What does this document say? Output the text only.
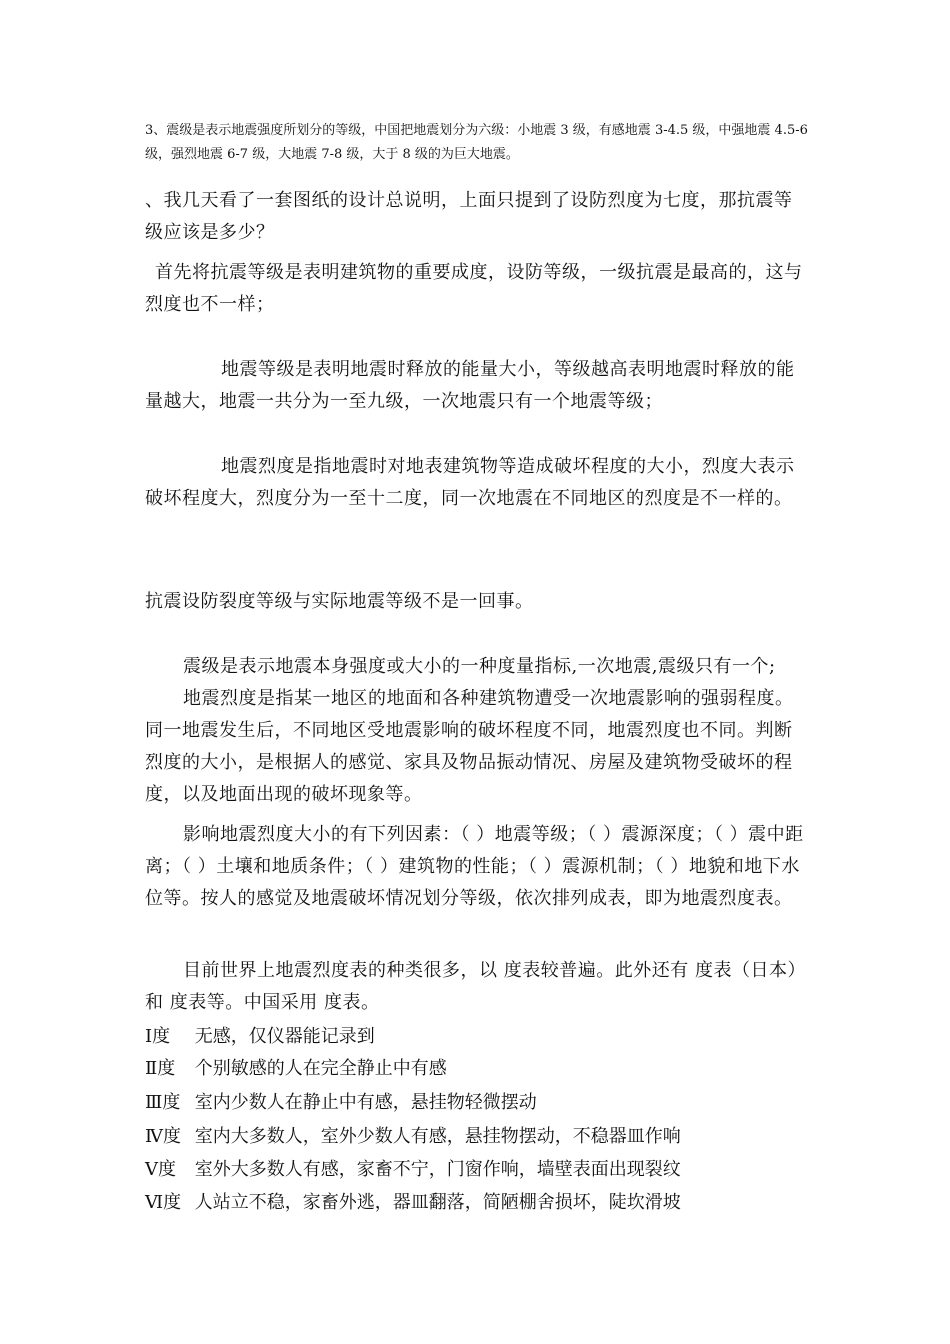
3、震级是表示地震强度所划分的等级，中国把地震划分为六级：小地震 3 级，有感地震 3-4.5 级，中强地震 4.5-6 级，强烈地震 6-7 级，大地震 7-8 级，大于 8 级的为巨大地震。

、我几天看了一套图纸的设计总说明，上面只提到了设防烈度为七度，那抗震等级应该是多少？

首先将抗震等级是表明建筑物的重要成度，设防等级，一级抗震是最高的，这与烈度也不一样；

地震等级是表明地震时释放的能量大小，等级越高表明地震时释放的能量越大，地震一共分为一至九级，一次地震只有一个地震等级；

地震烈度是指地震时对地表建筑物等造成破坏程度的大小，烈度大表示破坏程度大，烈度分为一至十二度，同一次地震在不同地区的烈度是不一样的。

抗震设防裂度等级与实际地震等级不是一回事。

震级是表示地震本身强度或大小的一种度量指标,一次地震,震级只有一个;

地震烈度是指某一地区的地面和各种建筑物遭受一次地震影响的强弱程度。同一地震发生后，不同地区受地震影响的破坏程度不同，地震烈度也不同。判断烈度的大小，是根据人的感觉、家具及物品振动情况、房屋及建筑物受破坏的程度，以及地面出现的破坏现象等。

影响地震烈度大小的有下列因素：（ ）地震等级；（ ）震源深度；（ ）震中距离；（ ）土壤和地质条件；（ ）建筑物的性能；（ ）震源机制；（ ）地貌和地下水位等。按人的感觉及地震破坏情况划分等级，依次排列成表，即为地震烈度表。

目前世界上地震烈度表的种类很多，以 度表较普遍。此外还有 度表（日本）和 度表等。中国采用 度表。

Ⅰ度 无感，仅仪器能记录到
Ⅱ度 个别敏感的人在完全静止中有感
Ⅲ度 室内少数人在静止中有感，悬挂物轻微摆动
Ⅳ度 室内大多数人，室外少数人有感，悬挂物摆动，不稳器皿作响
Ⅴ度 室外大多数人有感，家畜不宁，门窗作响，墙壁表面出现裂纹
Ⅵ度 人站立不稳，家畜外逃，器皿翻落，简陋棚舍损坏，陡坎滑坡
